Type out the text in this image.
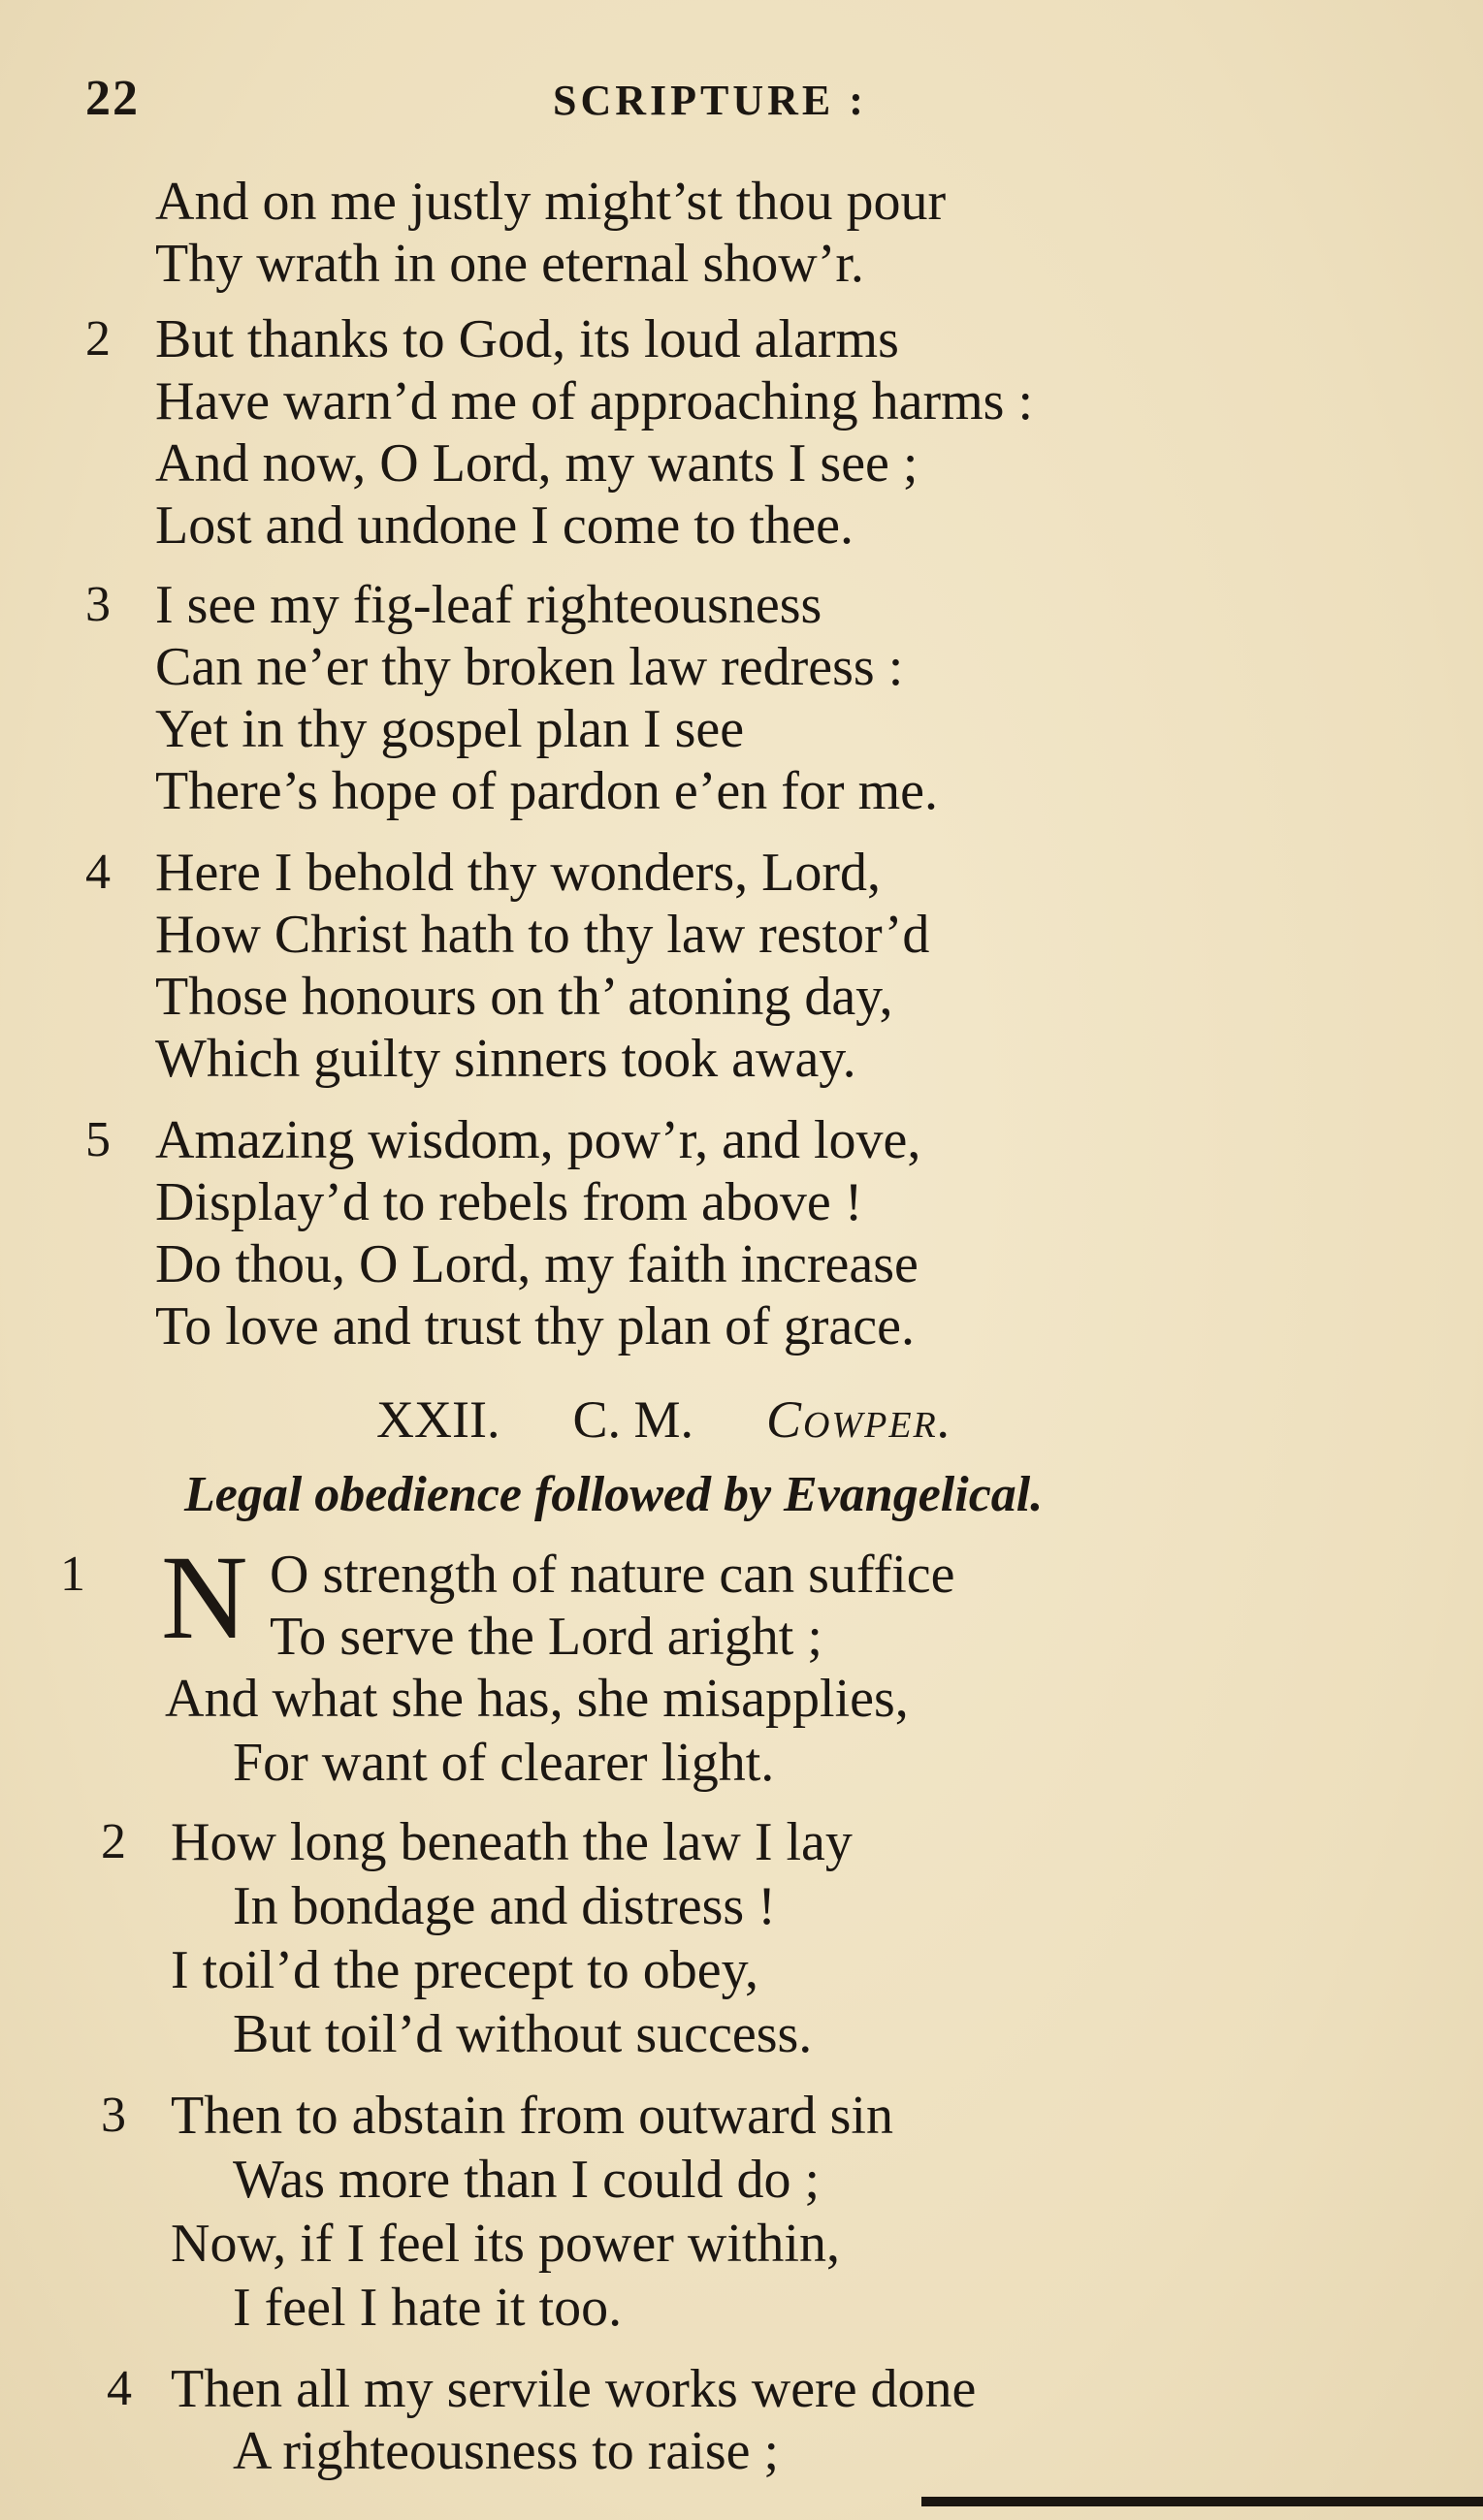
22	SCRIPTURE :
And on me justly might’st thou pour
Thy wrath in one eternal show’r.
2 But thanks to God, its loud alarms
Have warn’d me of approaching harms :
And now, O Lord, my wants I see ;
Lost and undone I come to thee.
3 I see my fig-leaf righteousness
Can ne’er thy broken law redress :
Yet in thy gospel plan I see
There’s hope of pardon e’en for me.
4 Here I behold thy wonders, Lord,
How Christ hath to thy law restor’d
Those honours on th’ atoning day,
Which guilty sinners took away.
5 Amazing wisdom, pow’r, and love,
Display’d to rebels from above !
Do thou, O Lord, my faith increase
To love and trust thy plan of grace.
XXII. C. M. Cowper.
Legal obedience followed by Evangelical.
1 N O strength of nature can suffice
To serve the Lord aright ;
And what she has, she misapplies,
For want of clearer light.
2 How long beneath the law I lay
In bondage and distress !
I toil’d the precept to obey,
But toil’d without success.
3 Then to abstain from outward sin
Was more than I could do ;
Now, if I feel its power within,
I feel I hate it too.
4 Then all my servile works were done
A righteousness to raise ;
